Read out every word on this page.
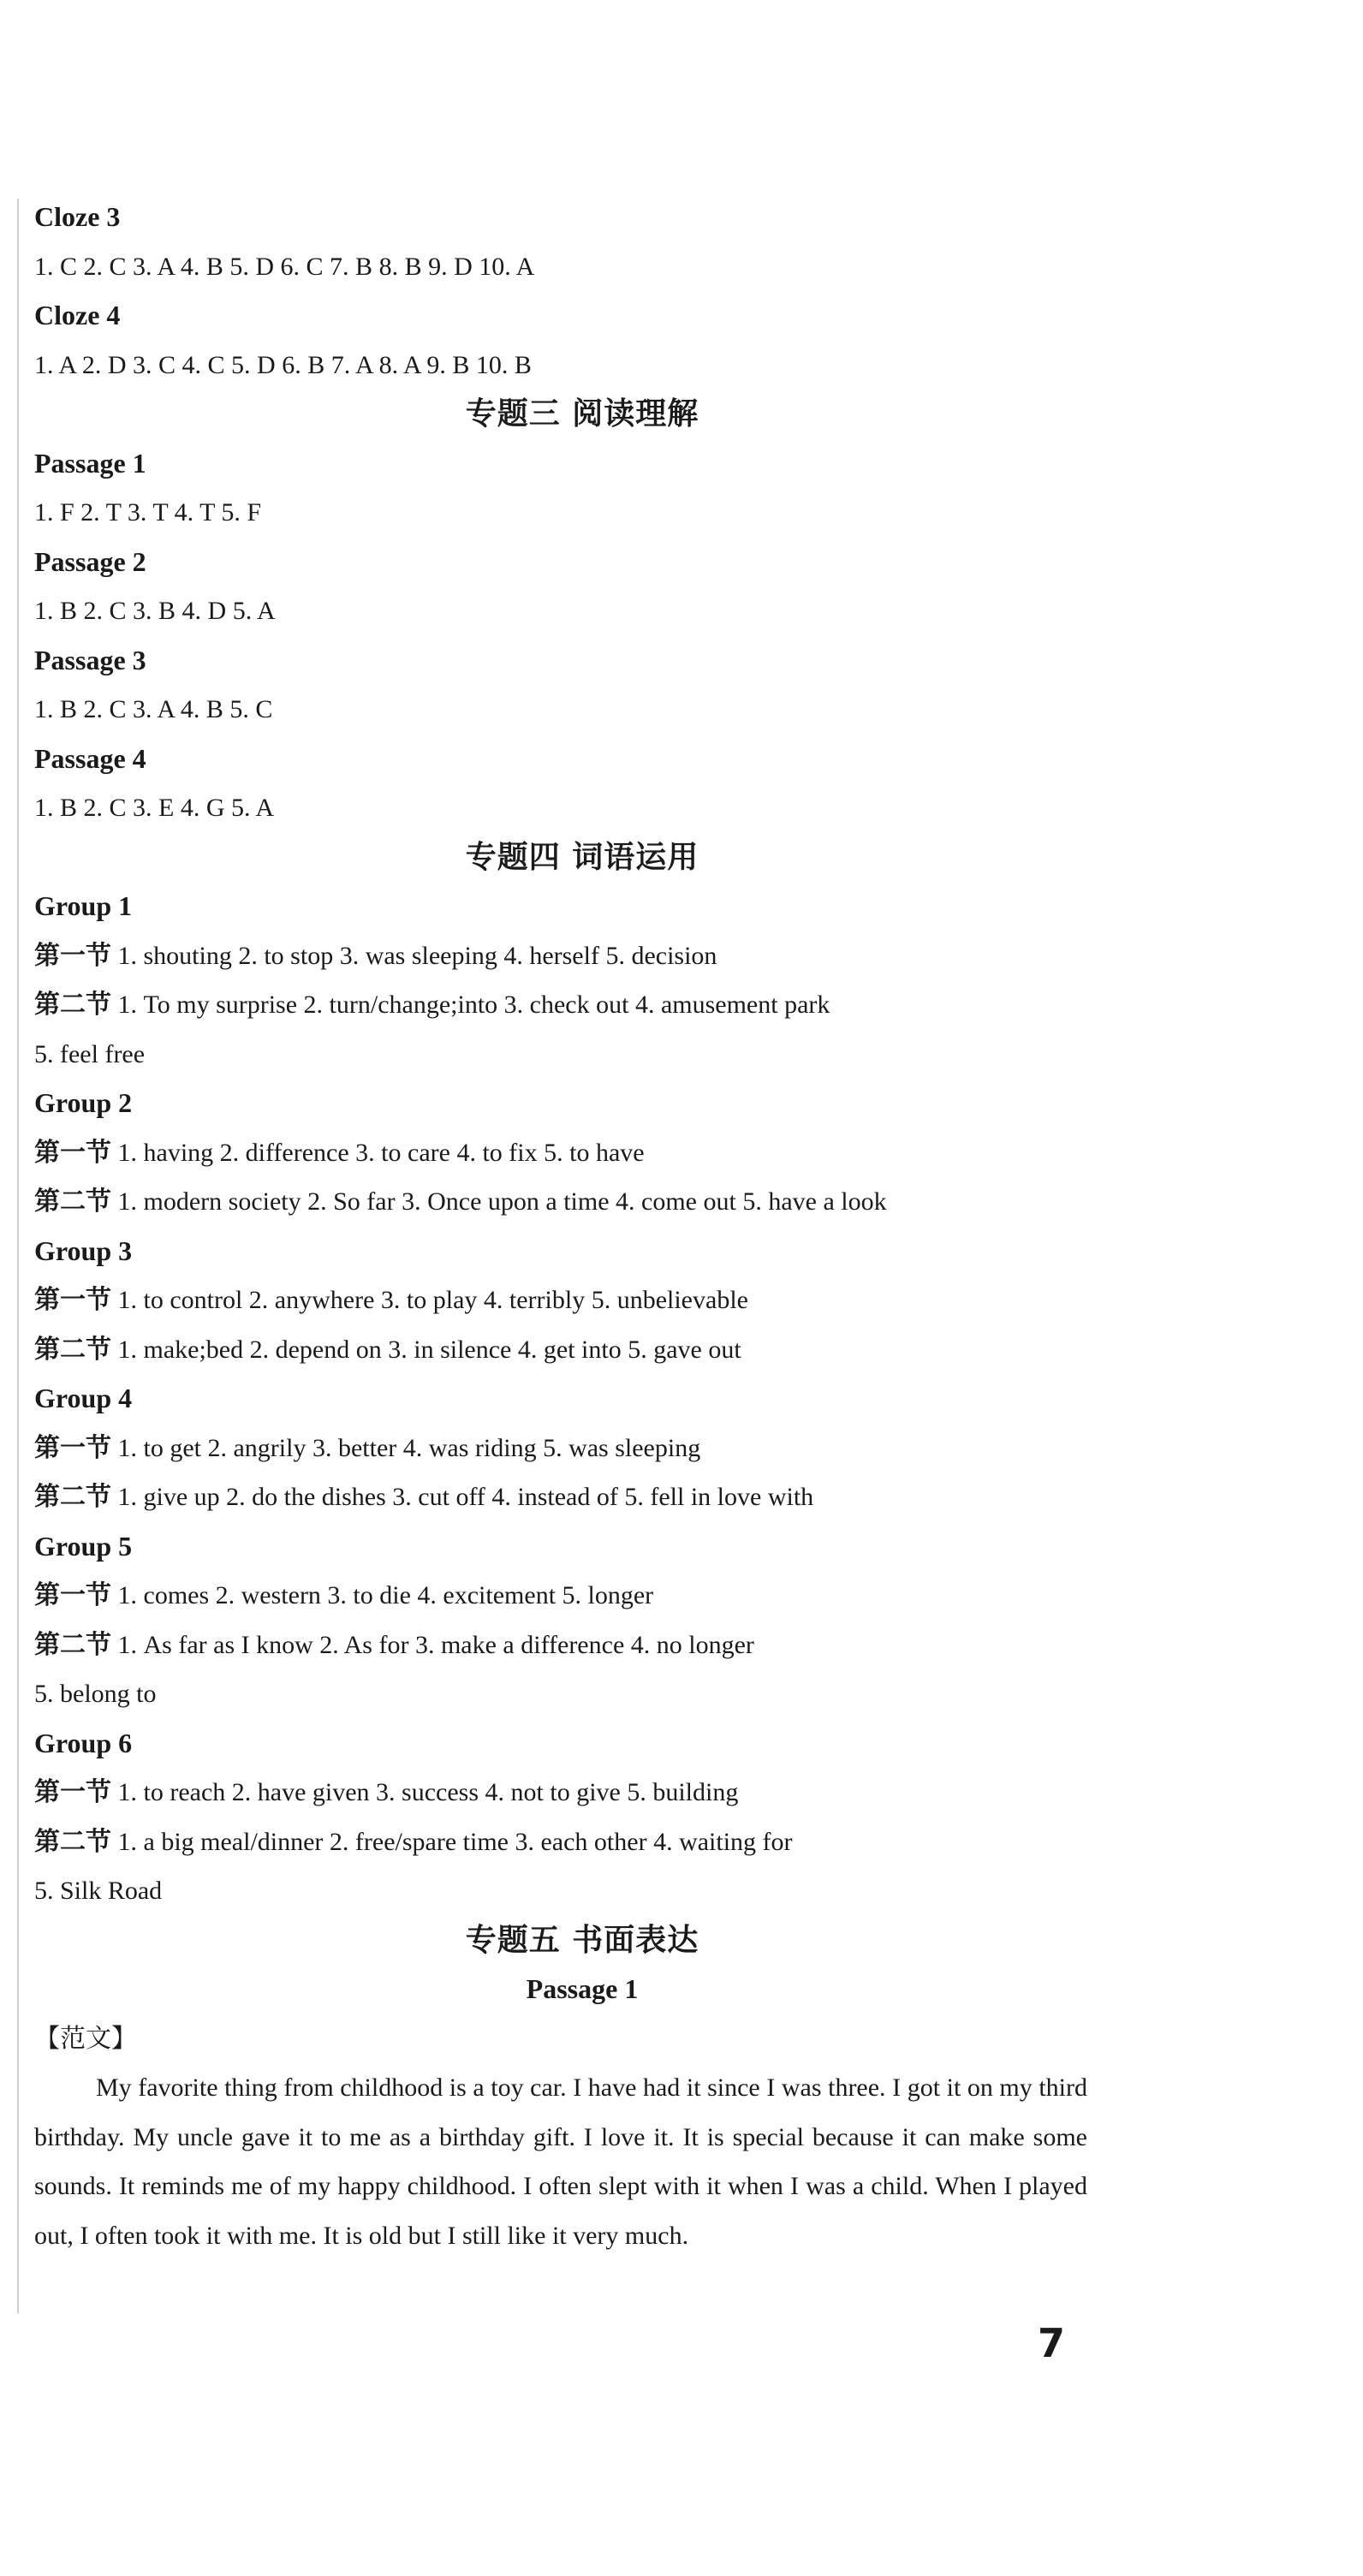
Cloze 3
1. C 2. C 3. A 4. B 5. D 6. C 7. B 8. B 9. D 10. A
Cloze 4
1. A 2. D 3. C 4. C 5. D 6. B 7. A 8. A 9. B 10. B
专题三 阅读理解
Passage 1
1. F 2. T 3. T 4. T 5. F
Passage 2
1. B 2. C 3. B 4. D 5. A
Passage 3
1. B 2. C 3. A 4. B 5. C
Passage 4
1. B 2. C 3. E 4. G 5. A
专题四 词语运用
Group 1
第一节 1. shouting 2. to stop 3. was sleeping 4. herself 5. decision
第二节 1. To my surprise 2. turn/change;into 3. check out 4. amusement park
5. feel free
Group 2
第一节 1. having 2. difference 3. to care 4. to fix 5. to have
第二节 1. modern society 2. So far 3. Once upon a time 4. come out 5. have a look
Group 3
第一节 1. to control 2. anywhere 3. to play 4. terribly 5. unbelievable
第二节 1. make;bed 2. depend on 3. in silence 4. get into 5. gave out
Group 4
第一节 1. to get 2. angrily 3. better 4. was riding 5. was sleeping
第二节 1. give up 2. do the dishes 3. cut off 4. instead of 5. fell in love with
Group 5
第一节 1. comes 2. western 3. to die 4. excitement 5. longer
第二节 1. As far as I know 2. As for 3. make a difference 4. no longer
5. belong to
Group 6
第一节 1. to reach 2. have given 3. success 4. not to give 5. building
第二节 1. a big meal/dinner 2. free/spare time 3. each other 4. waiting for
5. Silk Road
专题五 书面表达
Passage 1
【范文】

My favorite thing from childhood is a toy car. I have had it since I was three. I got it on my third birthday. My uncle gave it to me as a birthday gift. I love it. It is special because it can make some sounds. It reminds me of my happy childhood. I often slept with it when I was a child. When I played out, I often took it with me. It is old but I still like it very much.

7
